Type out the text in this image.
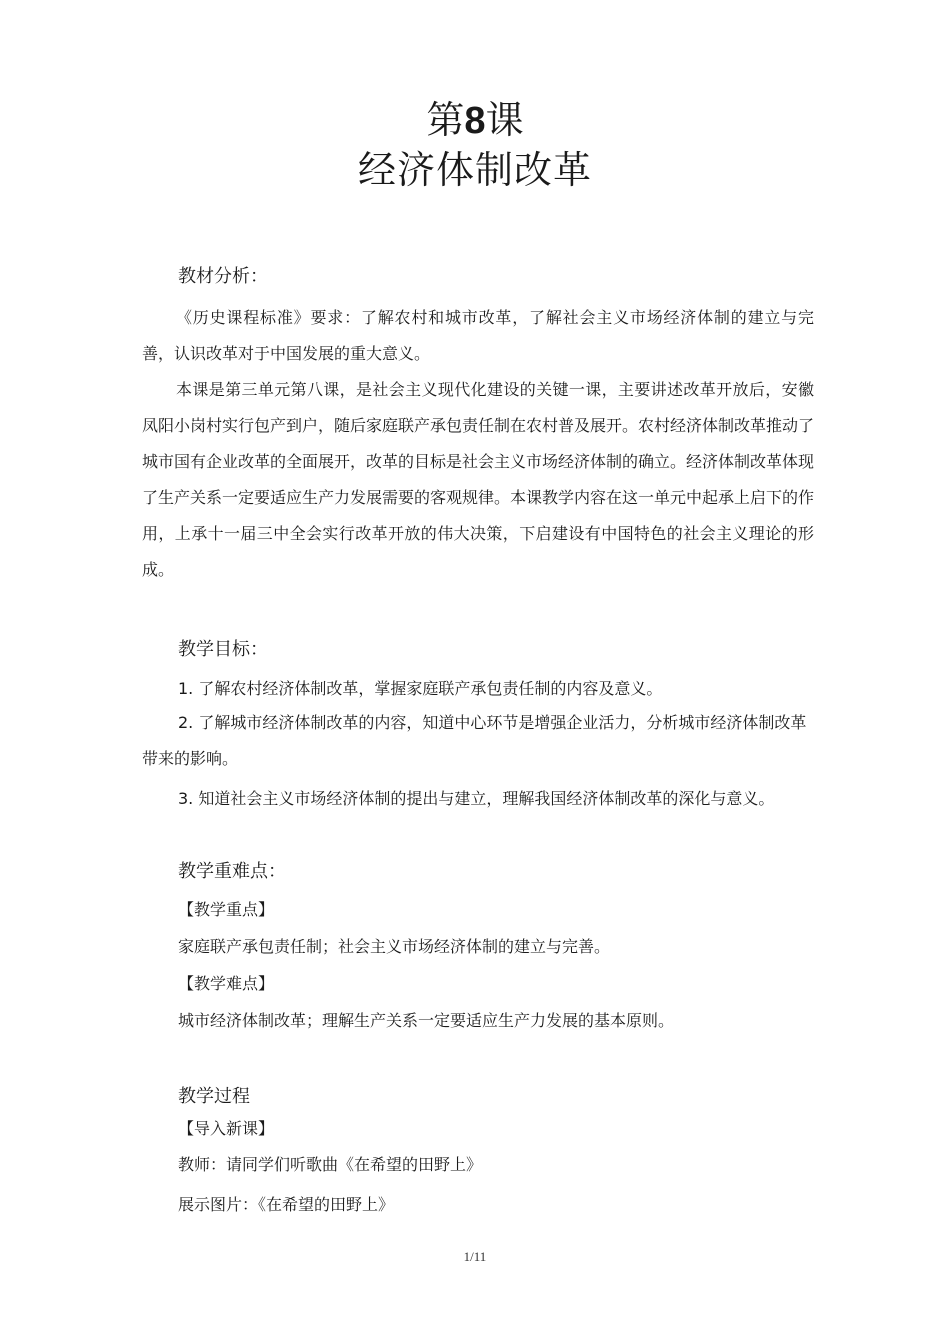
第8课
经济体制改革
教材分析：
《历史课程标准》要求：了解农村和城市改革，了解社会主义市场经济体制的建立与完善，认识改革对于中国发展的重大意义。
本课是第三单元第八课，是社会主义现代化建设的关键一课，主要讲述改革开放后，安徽凤阳小岗村实行包产到户，随后家庭联产承包责任制在农村普及展开。农村经济体制改革推动了城市国有企业改革的全面展开，改革的目标是社会主义市场经济体制的确立。经济体制改革体现了生产关系一定要适应生产力发展需要的客观规律。本课教学内容在这一单元中起承上启下的作用，上承十一届三中全会实行改革开放的伟大决策，下启建设有中国特色的社会主义理论的形成。
教学目标：
1. 了解农村经济体制改革，掌握家庭联产承包责任制的内容及意义。
2. 了解城市经济体制改革的内容，知道中心环节是增强企业活力，分析城市经济体制改革带来的影响。
3. 知道社会主义市场经济体制的提出与建立，理解我国经济体制改革的深化与意义。
教学重难点：
【教学重点】
家庭联产承包责任制；社会主义市场经济体制的建立与完善。
【教学难点】
城市经济体制改革；理解生产关系一定要适应生产力发展的基本原则。
教学过程
【导入新课】
教师：请同学们听歌曲《在希望的田野上》
展示图片：《在希望的田野上》
1/11
